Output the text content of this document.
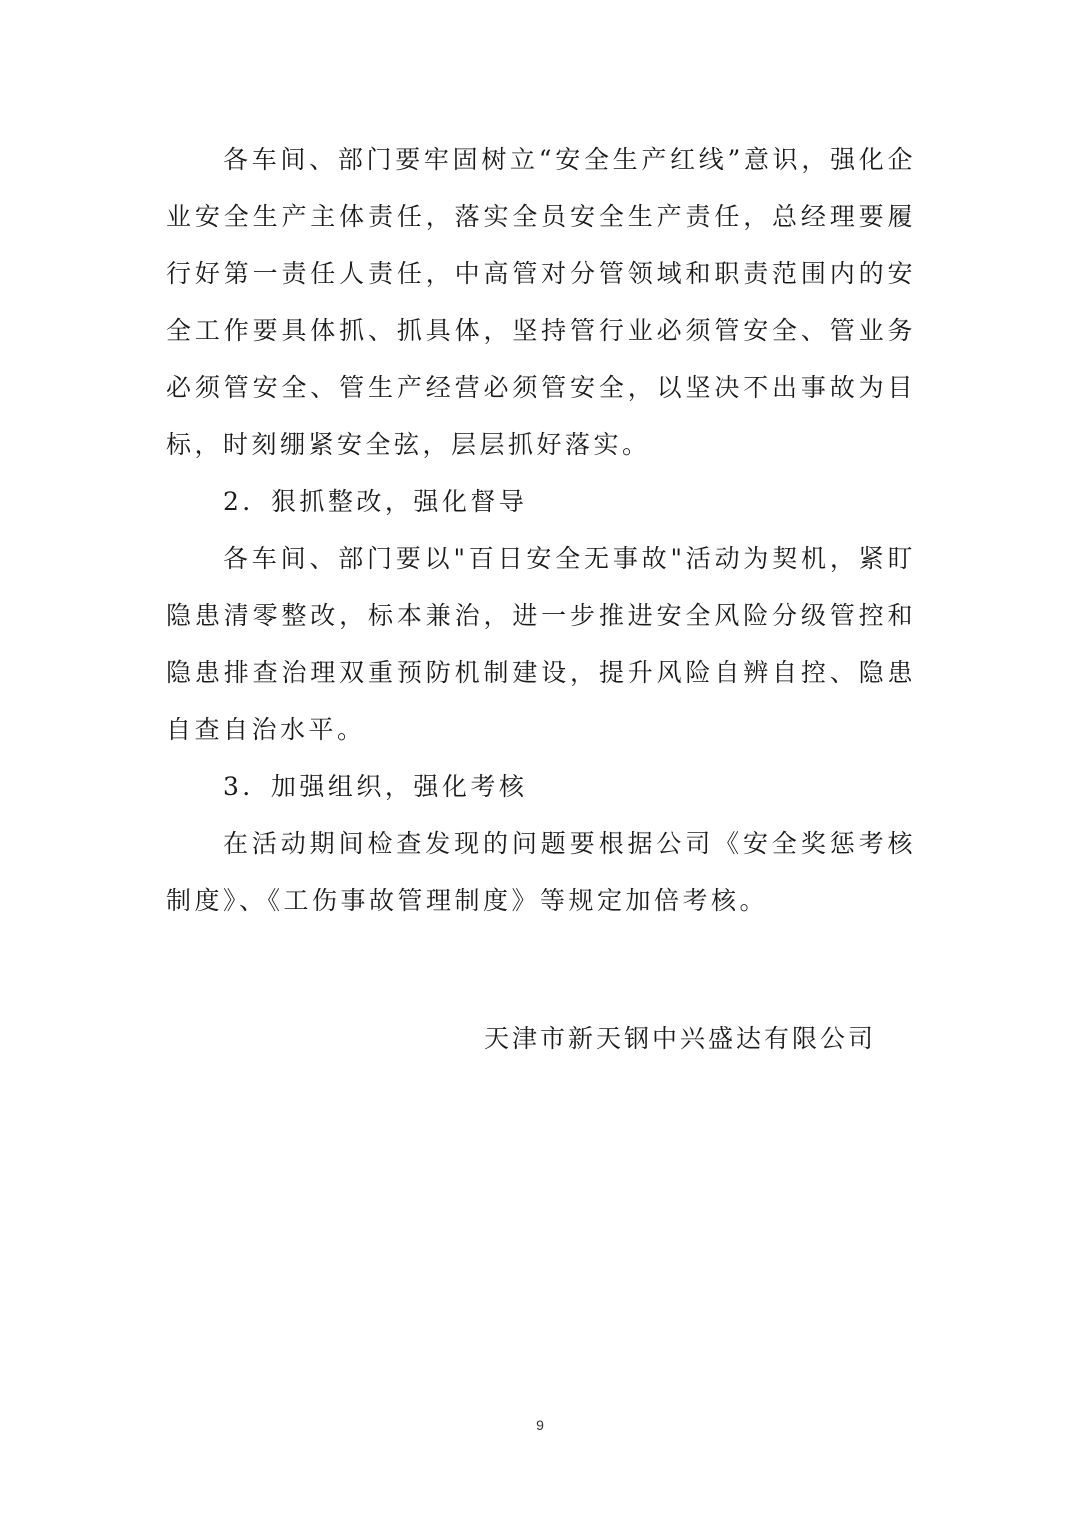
各车间、部门要牢固树立“安全生产红线”意识，强化企业安全生产主体责任，落实全员安全生产责任，总经理要履行好第一责任人责任，中高管对分管领域和职责范围内的安全工作要具体抓、抓具体，坚持管行业必须管安全、管业务必须管安全、管生产经营必须管安全，以坚决不出事故为目标，时刻绷紧安全弦，层层抓好落实。

2．狠抓整改，强化督导

各车间、部门要以"百日安全无事故"活动为契机，紧盯隐患清零整改，标本兼治，进一步推进安全风险分级管控和隐患排查治理双重预防机制建设，提升风险自辨自控、隐患自查自治水平。

3．加强组织，强化考核

在活动期间检查发现的问题要根据公司《安全奖惩考核制度》、《工伤事故管理制度》等规定加倍考核。

天津市新天钢中兴盛达有限公司
9
